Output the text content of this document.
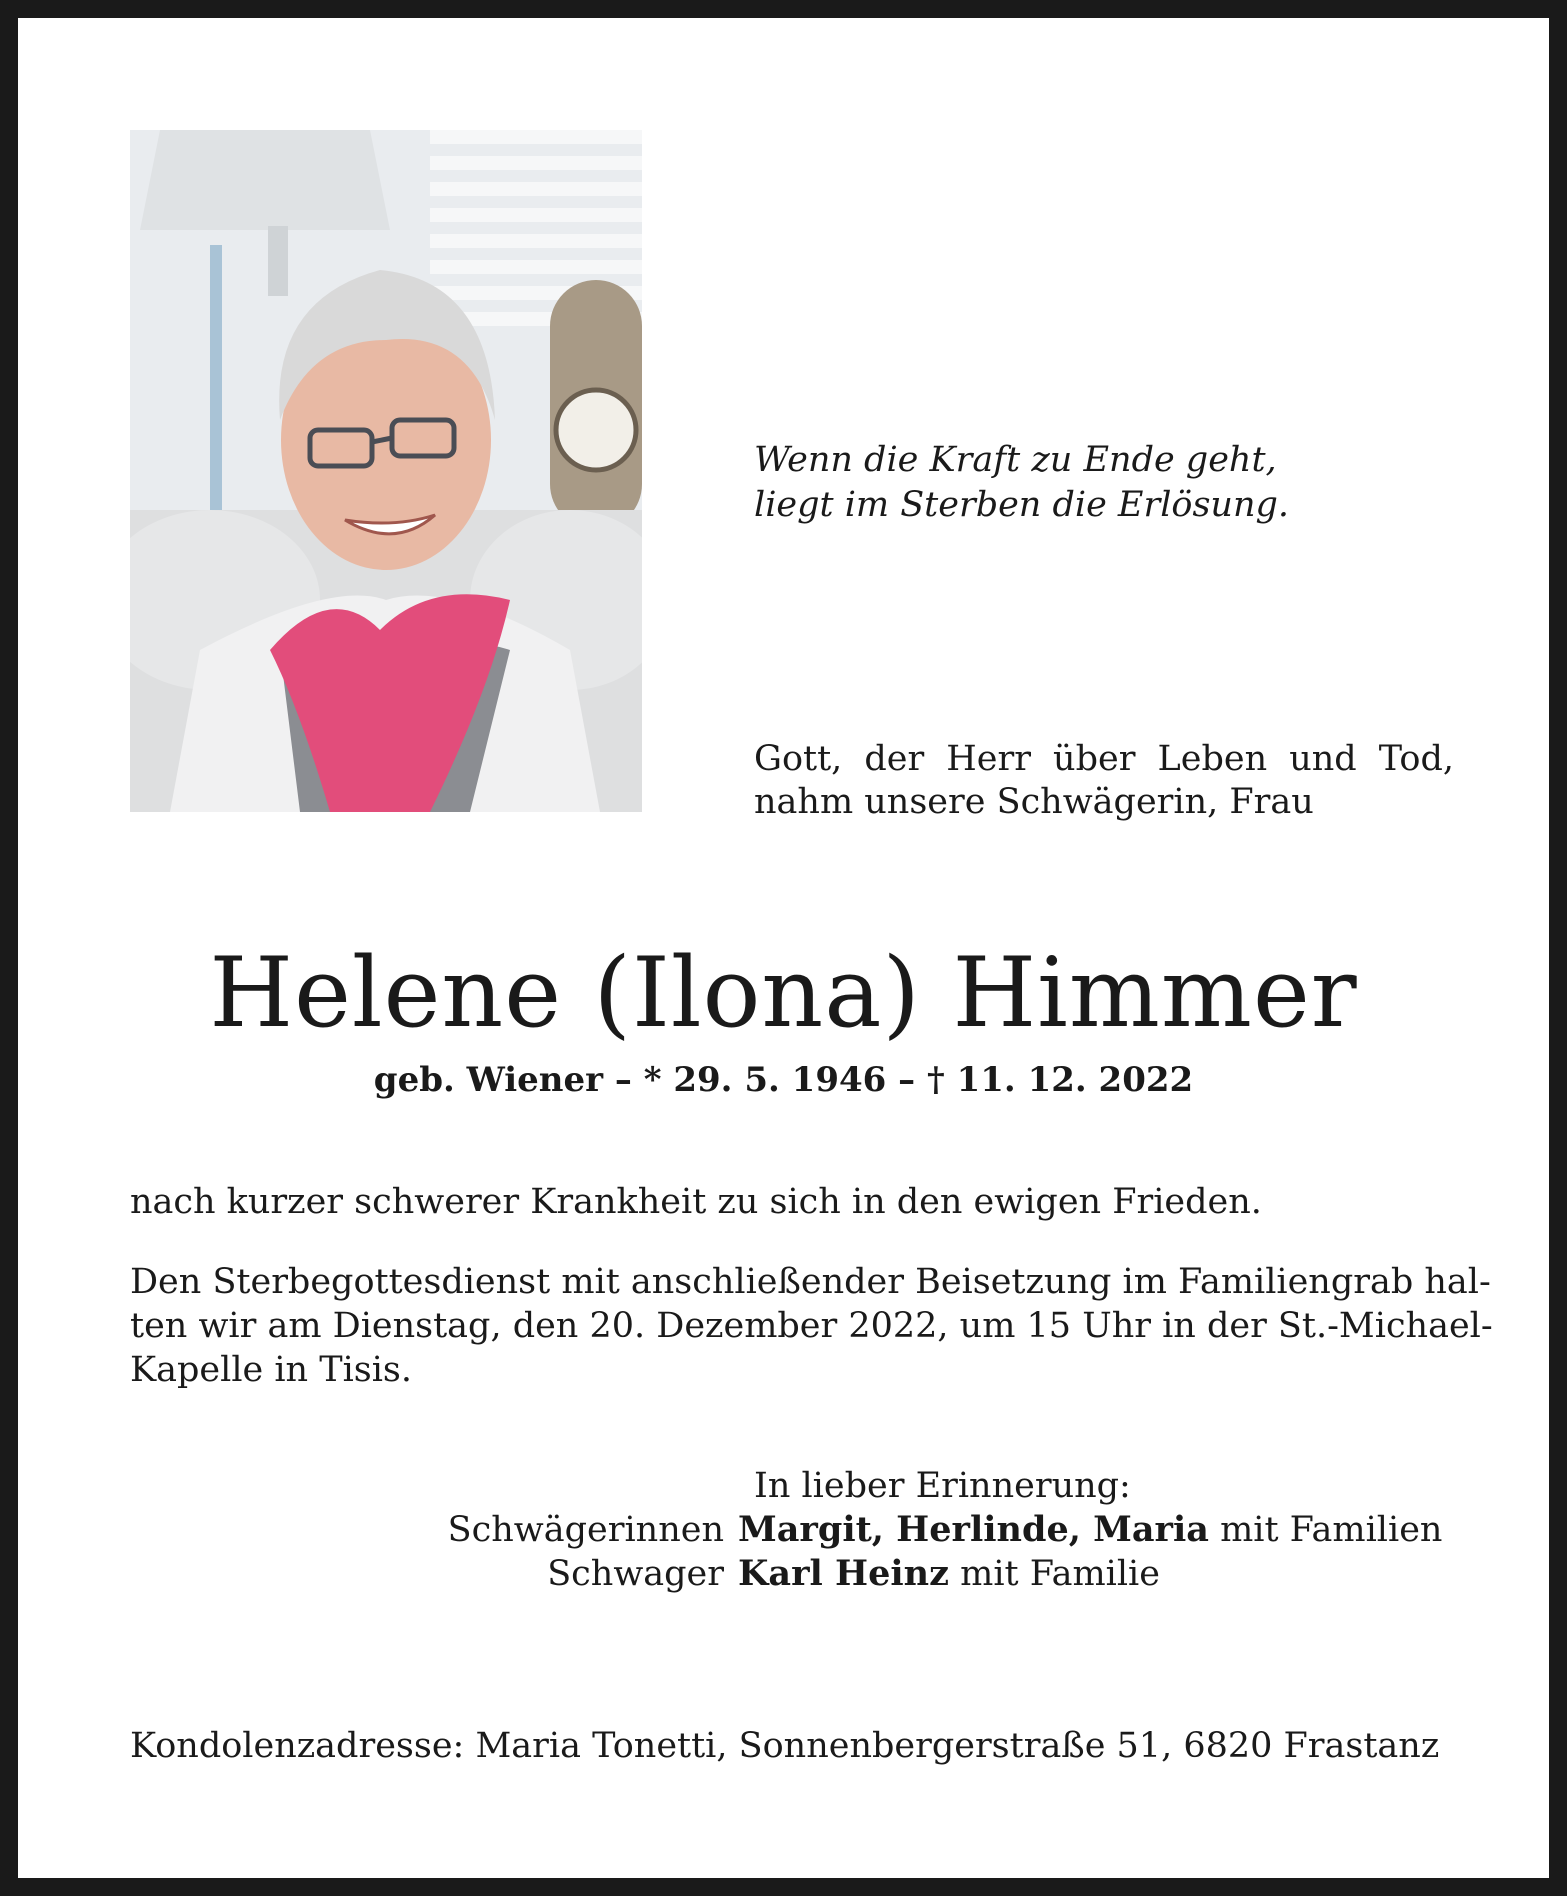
Wenn die Kraft zu Ende geht,
liegt im Sterben die Erlösung.
Gott, der Herr über Leben und Tod,
nahm unsere Schwägerin, Frau
Helene (Ilona) Himmer
geb. Wiener – * 29. 5. 1946 – † 11. 12. 2022
nach kurzer schwerer Krankheit zu sich in den ewigen Frieden.
Den Sterbegottesdienst mit anschließender Beisetzung im Familiengrab hal-
ten wir am Dienstag, den 20. Dezember 2022, um 15 Uhr in der St.-Michael-
Kapelle in Tisis.
In lieber Erinnerung:
Schwägerinnen Margit, Herlinde, Maria
mit Familien
Schwager Karl Heinz
mit Familie
Kondolenzadresse: Maria Tonetti, Sonnenbergerstraße 51, 6820 Frastanz
